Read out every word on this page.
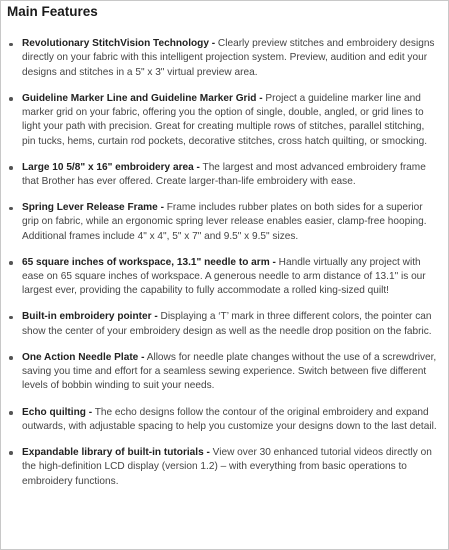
Main Features
Revolutionary StitchVision Technology - Clearly preview stitches and embroidery designs directly on your fabric with this intelligent projection system. Preview, audition and edit your designs and stitches in a 5" x 3" virtual preview area.
Guideline Marker Line and Guideline Marker Grid - Project a guideline marker line and marker grid on your fabric, offering you the option of single, double, angled, or grid lines to light your path with precision. Great for creating multiple rows of stitches, parallel stitching, pin tucks, hems, curtain rod pockets, decorative stitches, cross hatch quilting, or smocking.
Large 10 5/8" x 16" embroidery area - The largest and most advanced embroidery frame that Brother has ever offered. Create larger-than-life embroidery with ease.
Spring Lever Release Frame - Frame includes rubber plates on both sides for a superior grip on fabric, while an ergonomic spring lever release enables easier, clamp-free hooping. Additional frames include 4" x 4", 5" x 7" and 9.5" x 9.5" sizes.
65 square inches of workspace, 13.1" needle to arm - Handle virtually any project with ease on 65 square inches of workspace. A generous needle to arm distance of 13.1" is our largest ever, providing the capability to fully accommodate a rolled king-sized quilt!
Built-in embroidery pointer - Displaying a ‘T’ mark in three different colors, the pointer can show the center of your embroidery design as well as the needle drop position on the fabric.
One Action Needle Plate - Allows for needle plate changes without the use of a screwdriver, saving you time and effort for a seamless sewing experience. Switch between five different levels of bobbin winding to suit your needs.
Echo quilting - The echo designs follow the contour of the original embroidery and expand outwards, with adjustable spacing to help you customize your designs down to the last detail.
Expandable library of built-in tutorials - View over 30 enhanced tutorial videos directly on the high-definition LCD display (version 1.2) – with everything from basic operations to embroidery functions.
